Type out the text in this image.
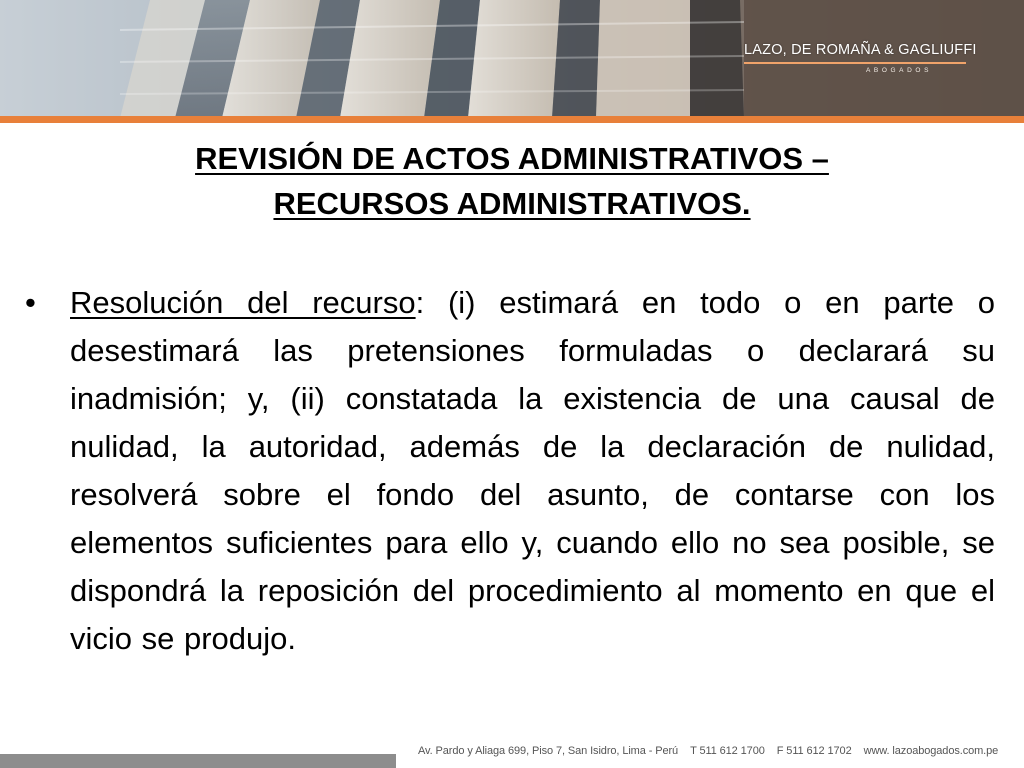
LAZO, DE ROMAÑA & GAGLIUFFI
ABOGADOS
REVISIÓN DE ACTOS ADMINISTRATIVOS –
RECURSOS ADMINISTRATIVOS.
• Resolución del recurso: (i) estimará en todo o en parte o desestimará las pretensiones formuladas o declarará su inadmisión; y, (ii) constatada la existencia de una causal de nulidad, la autoridad, además de la declaración de nulidad, resolverá sobre el fondo del asunto, de contarse con los elementos suficientes para ello y, cuando ello no sea posible, se dispondrá la reposición del procedimiento al momento en que el vicio se produjo.
Av. Pardo y Aliaga 699, Piso 7, San Isidro, Lima - Perú T 511 612 1700 F 511 612 1702 www. lazoabogados.com.pe
